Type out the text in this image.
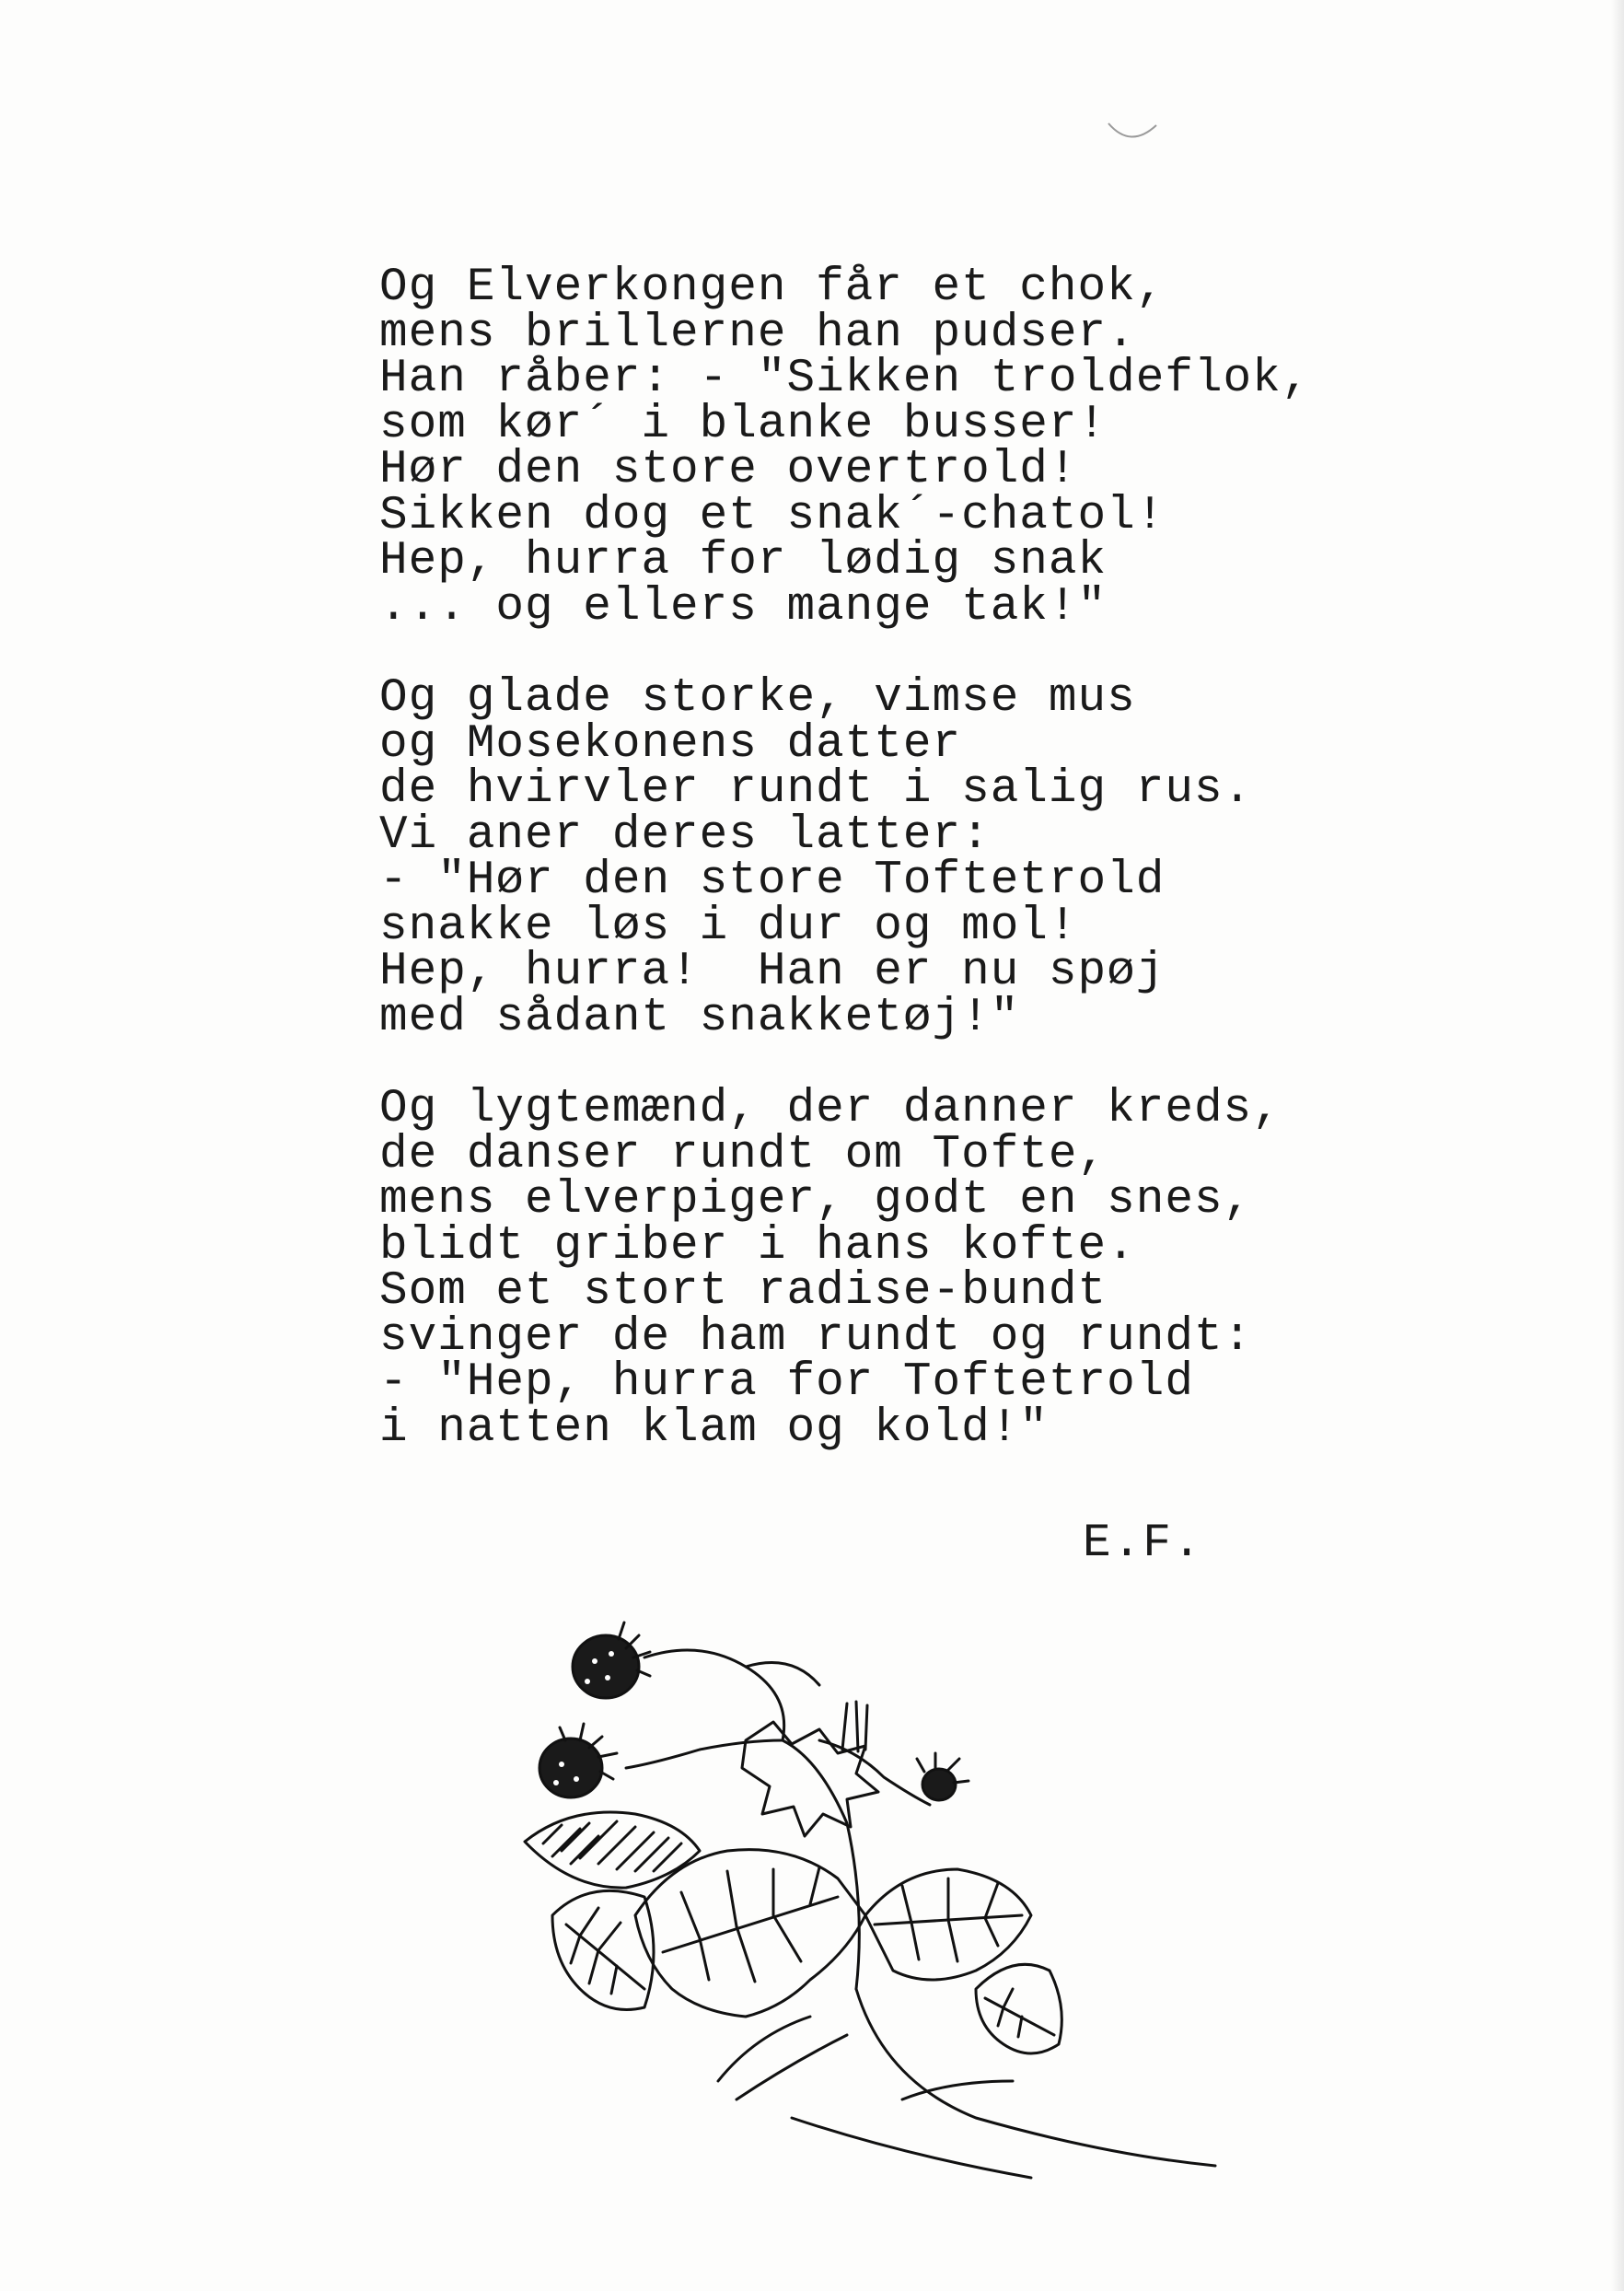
Og Elverkongen får et chok,
mens brillerne han pudser.
Han råber: - "Sikken troldeflok,
som kør´ i blanke busser!
Hør den store overtrold!
Sikken dog et snak´-chatol!
Hep, hurra for lødig snak
... og ellers mange tak!"
Og glade storke, vimse mus
og Mosekonens datter
de hvirvler rundt i salig rus.
Vi aner deres latter:
- "Hør den store Toftetrold
snakke løs i dur og mol!
Hep, hurra!  Han er nu spøj
med sådant snakketøj!"
Og lygtemænd, der danner kreds,
de danser rundt om Tofte,
mens elverpiger, godt en snes,
blidt griber i hans kofte.
Som et stort radise-bundt
svinger de ham rundt og rundt:
- "Hep, hurra for Toftetrold
i natten klam og kold!"
E.F.
